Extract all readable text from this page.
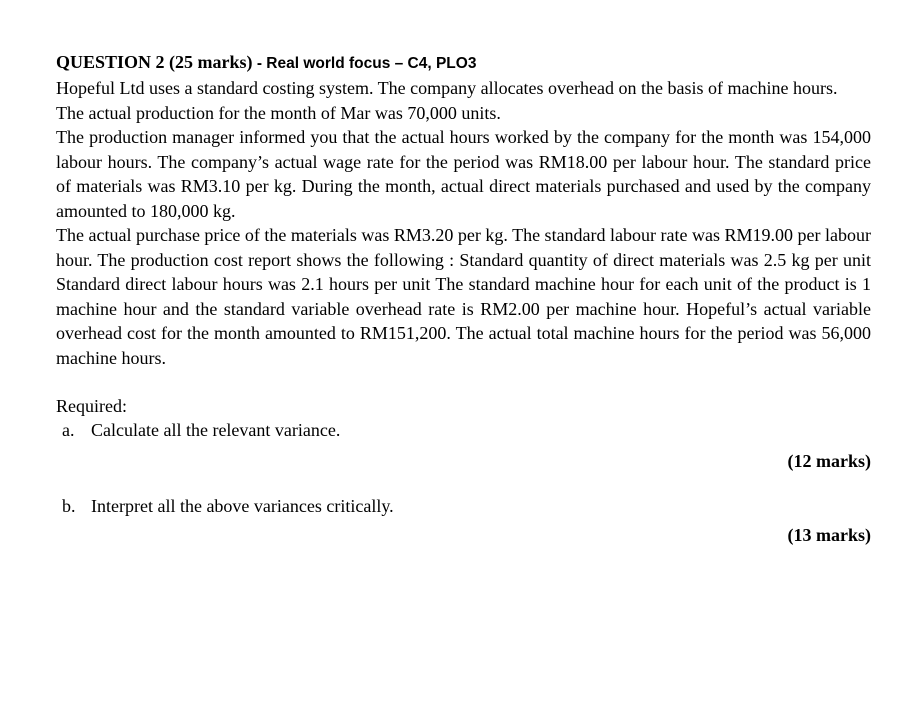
QUESTION 2 (25 marks) - Real world focus – C4, PLO3

Hopeful Ltd uses a standard costing system. The company allocates overhead on the basis of machine hours.

The actual production for the month of Mar was 70,000 units.

The production manager informed you that the actual hours worked by the company for the month was 154,000 labour hours. The company’s actual wage rate for the period was RM18.00 per labour hour. The standard price of materials was RM3.10 per kg. During the month, actual direct materials purchased and used by the company amounted to 180,000 kg.

The actual purchase price of the materials was RM3.20 per kg. The standard labour rate was RM19.00 per labour hour. The production cost report shows the following : Standard quantity of direct materials was 2.5 kg per unit Standard direct labour hours was 2.1 hours per unit The standard machine hour for each unit of the product is 1 machine hour and the standard variable overhead rate is RM2.00 per machine hour. Hopeful’s actual variable overhead cost for the month amounted to RM151,200. The actual total machine hours for the period was 56,000 machine hours.

Required:
a. Calculate all the relevant variance.
(12 marks)
b. Interpret all the above variances critically.
(13 marks)
